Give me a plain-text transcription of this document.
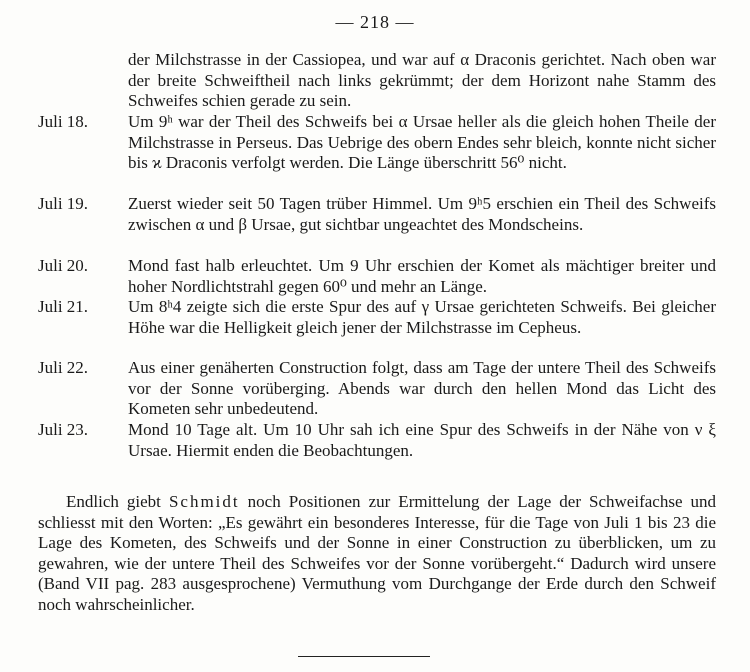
— 218 —
der Milchstrasse in der Cassiopea, und war auf α Draconis gerichtet. Nach oben war der breite Schweiftheil nach links gekrümmt; der dem Horizont nahe Stamm des Schweifes schien gerade zu sein.
Juli 18.	Um 9ʰ war der Theil des Schweifs bei α Ursae heller als die gleich hohen Theile der Milchstrasse in Perseus. Das Uebrige des obern Endes sehr bleich, konnte nicht sicher bis ϰ Draconis verfolgt werden. Die Länge überschritt 56⁰ nicht.
Juli 19.	Zuerst wieder seit 50 Tagen trüber Himmel. Um 9ʰ5 erschien ein Theil des Schweifs zwischen α und β Ursae, gut sichtbar ungeachtet des Mondscheins.
Juli 20.	Mond fast halb erleuchtet. Um 9 Uhr erschien der Komet als mächtiger breiter und hoher Nordlichtstrahl gegen 60⁰ und mehr an Länge.
Juli 21.	Um 8ʰ4 zeigte sich die erste Spur des auf γ Ursae gerichteten Schweifs. Bei gleicher Höhe war die Helligkeit gleich jener der Milchstrasse im Cepheus.
Juli 22.	Aus einer genäherten Construction folgt, dass am Tage der untere Theil des Schweifs vor der Sonne vorüberging. Abends war durch den hellen Mond das Licht des Kometen sehr unbedeutend.
Juli 23.	Mond 10 Tage alt. Um 10 Uhr sah ich eine Spur des Schweifs in der Nähe von ν ξ Ursae. Hiermit enden die Beobachtungen.
Endlich giebt Schmidt noch Positionen zur Ermittelung der Lage der Schweifachse und schliesst mit den Worten: „Es gewährt ein besonderes Interesse, für die Tage von Juli 1 bis 23 die Lage des Kometen, des Schweifs und der Sonne in einer Construction zu überblicken, um zu gewahren, wie der untere Theil des Schweifes vor der Sonne vorübergeht.“ Dadurch wird unsere (Band VII pag. 283 ausgesprochene) Vermuthung vom Durchgange der Erde durch den Schweif noch wahrscheinlicher.
